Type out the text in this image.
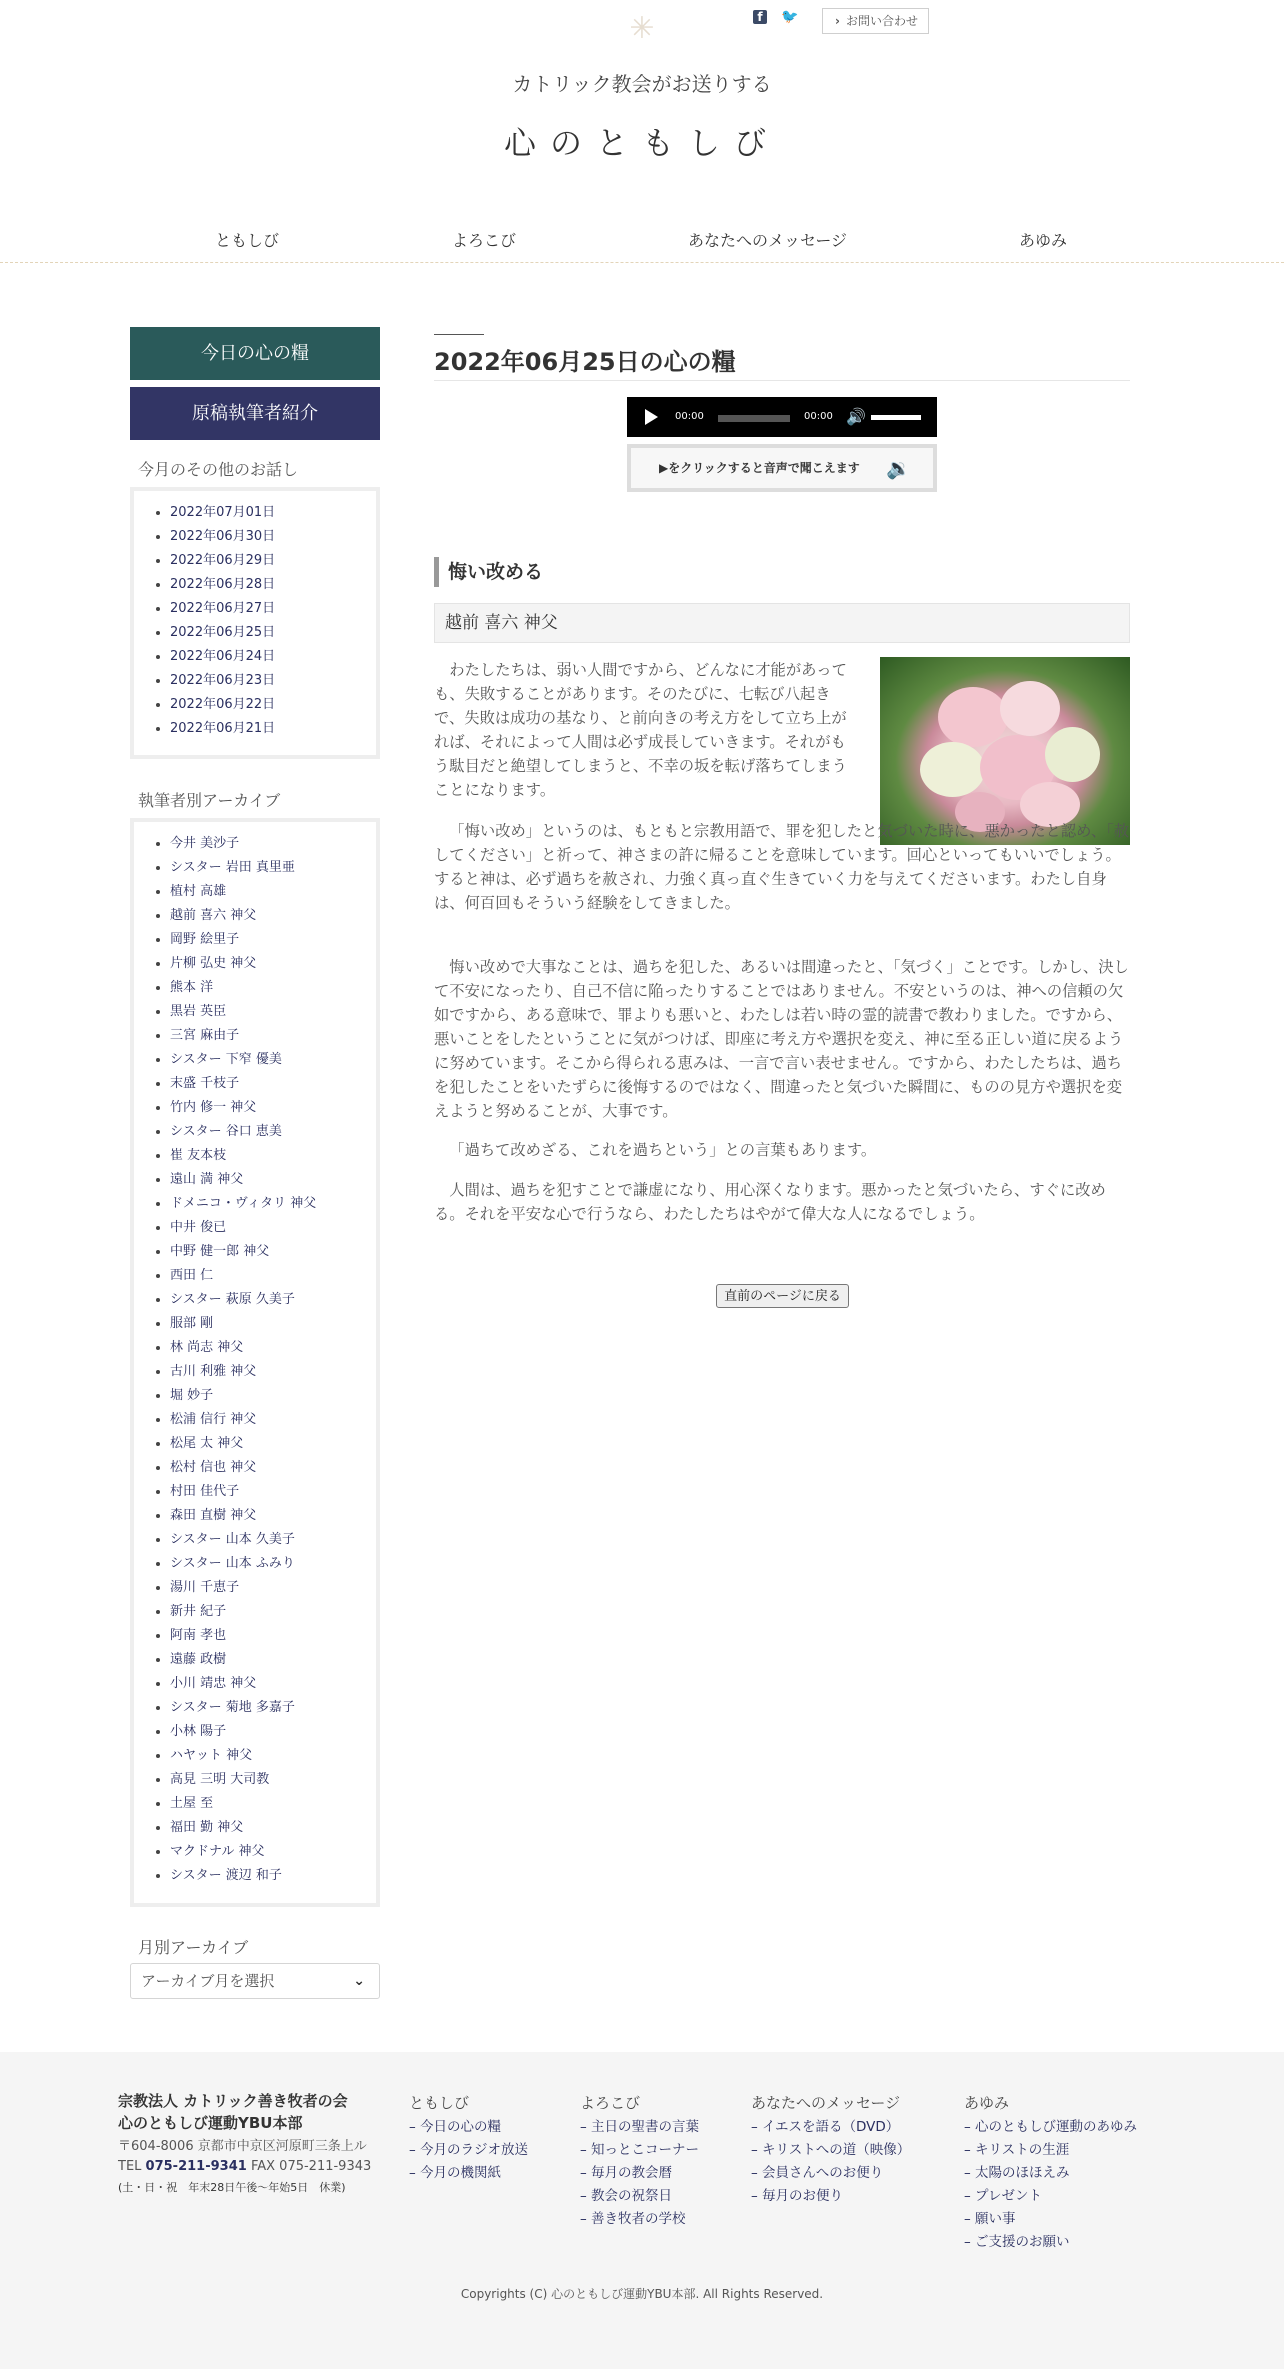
✳	f	🐦	› お問い合わせ
カトリック教会がお送りする
心のともしび
ともしび	よろこび	あなたへのメッセージ	あゆみ
今日の心の糧
原稿執筆者紹介
今月のその他のお話し
2022年07月01日
2022年06月30日
2022年06月29日
2022年06月28日
2022年06月27日
2022年06月25日
2022年06月24日
2022年06月23日
2022年06月22日
2022年06月21日
執筆者別アーカイブ
今井 美沙子
シスター 岩田 真里亜
植村 高雄
越前 喜六 神父
岡野 絵里子
片柳 弘史 神父
熊本 洋
黒岩 英臣
三宮 麻由子
シスター 下窄 優美
末盛 千枝子
竹内 修一 神父
シスター 谷口 恵美
崔 友本枝
遠山 満 神父
ドメニコ・ヴィタリ 神父
中井 俊已
中野 健一郎 神父
西田 仁
シスター 萩原 久美子
服部 剛
林 尚志 神父
古川 利雅 神父
堀 妙子
松浦 信行 神父
松尾 太 神父
松村 信也 神父
村田 佳代子
森田 直樹 神父
シスター 山本 久美子
シスター 山本 ふみり
湯川 千恵子
新井 紀子
阿南 孝也
遠藤 政樹
小川 靖忠 神父
シスター 菊地 多嘉子
小林 陽子
ハヤット 神父
高見 三明 大司教
土屋 至
福田 勤 神父
マクドナル 神父
シスター 渡辺 和子
月別アーカイブ
アーカイブ月を選択	⌄
2022年06月25日の心の糧
00:00	00:00 🔊
▶をクリックすると音声で聞こえます 🔉
悔い改める
越前 喜六 神父

わたしたちは、弱い人間ですから、どんなに才能があっても、失敗することがあります。そのたびに、七転び八起きで、失敗は成功の基なり、と前向きの考え方をして立ち上がれば、それによって人間は必ず成長していきます。それがもう駄目だと絶望してしまうと、不幸の坂を転げ落ちてしまうことになります。

「悔い改め」というのは、もともと宗教用語で、罪を犯したと気づいた時に、悪かったと認め、「赦してください」と祈って、神さまの許に帰ることを意味しています。回心といってもいいでしょう。すると神は、必ず過ちを赦され、力強く真っ直ぐ生きていく力を与えてくださいます。わたし自身は、何百回もそういう経験をしてきました。

悔い改めで大事なことは、過ちを犯した、あるいは間違ったと、「気づく」ことです。しかし、決して不安になったり、自己不信に陥ったりすることではありません。不安というのは、神への信頼の欠如ですから、ある意味で、罪よりも悪いと、わたしは若い時の霊的読書で教わりました。ですから、悪いことをしたということに気がつけば、即座に考え方や選択を変え、神に至る正しい道に戻るように努めています。そこから得られる恵みは、一言で言い表せません。ですから、わたしたちは、過ちを犯したことをいたずらに後悔するのではなく、間違ったと気づいた瞬間に、ものの見方や選択を変えようと努めることが、大事です。

「過ちて改めざる、これを過ちという」との言葉もあります。

人間は、過ちを犯すことで謙虚になり、用心深くなります。悪かったと気づいたら、すぐに改める。それを平安な心で行うなら、わたしたちはやがて偉大な人になるでしょう。

直前のページに戻る
宗教法人 カトリック善き牧者の会
心のともしび運動YBU本部
〒604-8006 京都市中京区河原町三条上ル
TEL 075-211-9341 FAX 075-211-9343
(土・日・祝　年末28日午後〜年始5日　休業)
ともしび
– 今日の心の糧
– 今月のラジオ放送
– 今月の機関紙
よろこび
– 主日の聖書の言葉
– 知っとこコーナー
– 毎月の教会暦
– 教会の祝祭日
– 善き牧者の学校
あなたへのメッセージ
– イエスを語る（DVD）
– キリストへの道（映像）
– 会員さんへのお便り
– 毎月のお便り
あゆみ
– 心のともしび運動のあゆみ
– キリストの生涯
– 太陽のほほえみ
– プレゼント
– 願い事
– ご支援のお願い
Copyrights (C) 心のともしび運動YBU本部. All Rights Reserved.
